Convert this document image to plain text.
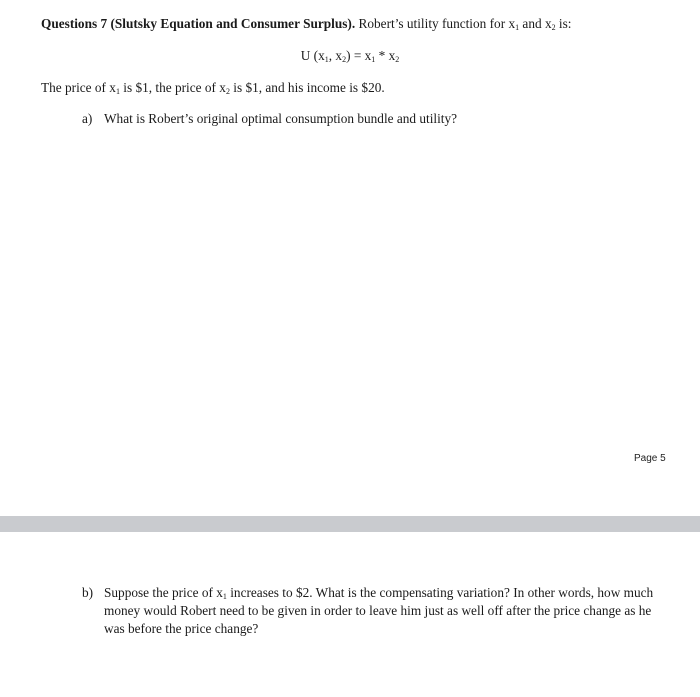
Questions 7 (Slutsky Equation and Consumer Surplus). Robert’s utility function for $x_1$ and $x_2$ is:
U ($x_1$, $x_2) = x_1 * x_2$
The price of $x_1$ is $1, the price of $x_2$ is $1, and his income is $20.
a) What is Robert’s original optimal consumption bundle and utility?
Page 5
b) Suppose the price of $x_1$ increases to $2. What is the compensating variation? In other words, how much money would Robert need to be given in order to leave him just as well off after the price change as he was before the price change?
